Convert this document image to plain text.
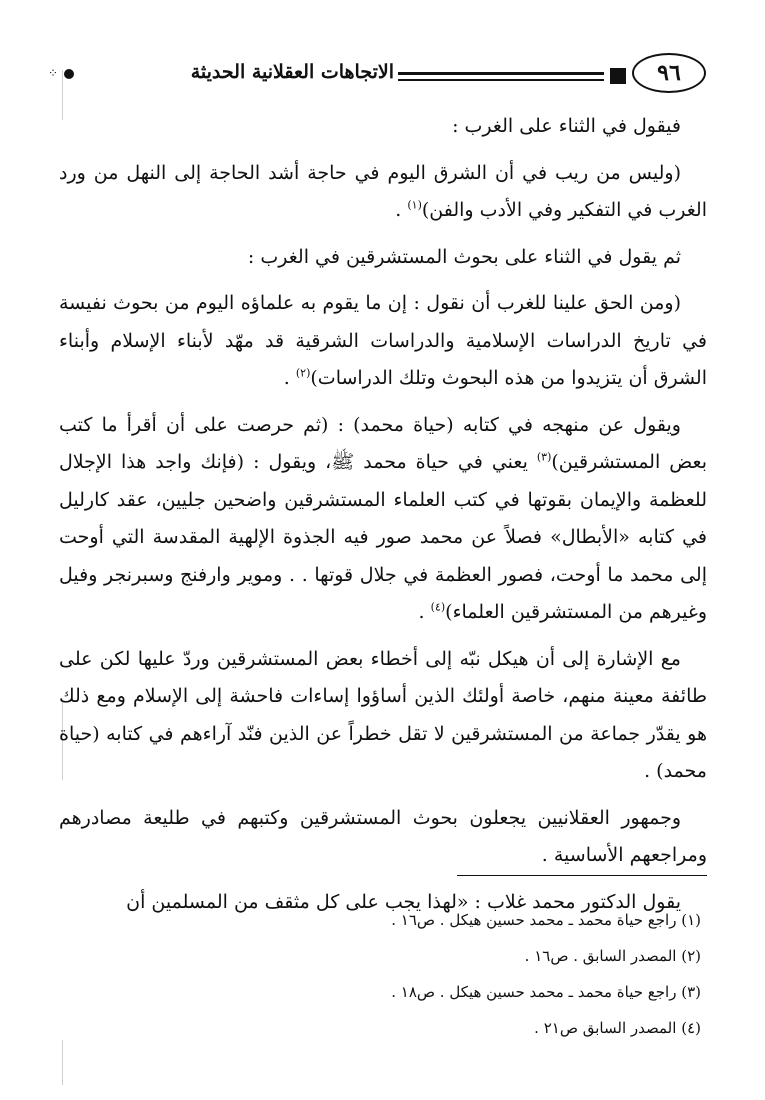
٩٦
الاتجاهات العقلانية الحديثة
⁘

فيقول في الثناء على الغرب :

(وليس من ريب في أن الشرق اليوم في حاجة أشد الحاجة إلى النهل من ورد الغرب في التفكير وفي الأدب والفن)$^{(١)}$ .

ثم يقول في الثناء على بحوث المستشرقين في الغرب :

(ومن الحق علينا للغرب أن نقول : إن ما يقوم به علماؤه اليوم من بحوث نفيسة في تاريخ الدراسات الإسلامية والدراسات الشرقية قد مهّد لأبناء الإسلام وأبناء الشرق أن يتزيدوا من هذه البحوث وتلك الدراسات)$^{(٢)}$ .

ويقول عن منهجه في كتابه (حياة محمد) : (ثم حرصت على أن أقرأ ما كتب بعض المستشرقين)$^{(٣)}$ يعني في حياة محمد ﷺ، ويقول : (فإنك واجد هذا الإجلال للعظمة والإيمان بقوتها في كتب العلماء المستشرقين واضحين جليين، عقد كارليل في كتابه «الأبطال» فصلاً عن محمد صور فيه الجذوة الإلهية المقدسة التي أوحت إلى محمد ما أوحت، فصور العظمة في جلال قوتها . . وموير وارفنج وسبرنجر وفيل وغيرهم من المستشرقين العلماء)$^{(٤)}$ .

مع الإشارة إلى أن هيكل نبّه إلى أخطاء بعض المستشرقين وردّ عليها لكن على طائفة معينة منهم، خاصة أولئك الذين أساؤوا إساءات فاحشة إلى الإسلام ومع ذلك هو يقدّر جماعة من المستشرقين لا تقل خطراً عن الذين فنّد آراءهم في كتابه (حياة محمد) .

وجمهور العقلانيين يجعلون بحوث المستشرقين وكتبهم في طليعة مصادرهم ومراجعهم الأساسية .

يقول الدكتور محمد غلاب : «لهذا يجب على كل مثقف من المسلمين أن

(١) راجع حياة محمد ـ محمد حسين هيكل . ص١٦ .

(٢) المصدر السابق . ص١٦ .

(٣) راجع حياة محمد ـ محمد حسين هيكل . ص١٨ .

(٤) المصدر السابق ص٢١ .
